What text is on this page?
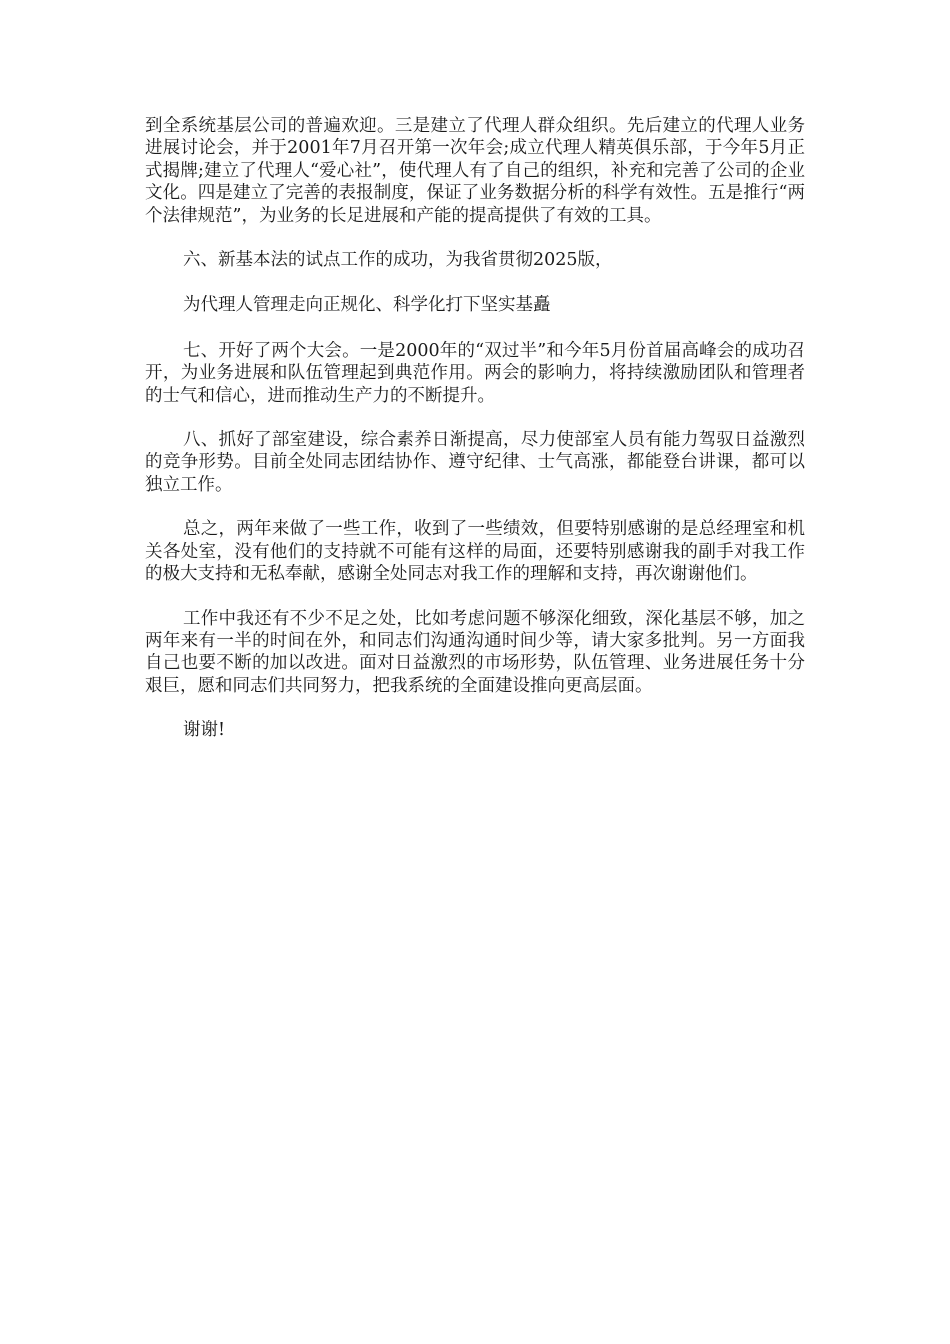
到全系统基层公司的普遍欢迎。三是建立了代理人群众组织。先后建立的代理人业务进展讨论会，并于2001年7月召开第一次年会;成立代理人精英俱乐部，于今年5月正式揭牌;建立了代理人“爱心社”，使代理人有了自己的组织，补充和完善了公司的企业文化。四是建立了完善的表报制度，保证了业务数据分析的科学有效性。五是推行“两个法律规范”，为业务的长足进展和产能的提高提供了有效的工具。

六、新基本法的试点工作的成功，为我省贯彻2025版，

为代理人管理走向正规化、科学化打下坚实基矗

七、开好了两个大会。一是2000年的“双过半”和今年5月份首届高峰会的成功召开，为业务进展和队伍管理起到典范作用。两会的影响力，将持续激励团队和管理者的士气和信心，进而推动生产力的不断提升。

八、抓好了部室建设，综合素养日渐提高，尽力使部室人员有能力驾驭日益激烈的竞争形势。目前全处同志团结协作、遵守纪律、士气高涨，都能登台讲课，都可以独立工作。

总之，两年来做了一些工作，收到了一些绩效，但要特别感谢的是总经理室和机关各处室，没有他们的支持就不可能有这样的局面，还要特别感谢我的副手对我工作的极大支持和无私奉献，感谢全处同志对我工作的理解和支持，再次谢谢他们。

工作中我还有不少不足之处，比如考虑问题不够深化细致，深化基层不够，加之两年来有一半的时间在外，和同志们沟通沟通时间少等，请大家多批判。另一方面我自己也要不断的加以改进。面对日益激烈的市场形势，队伍管理、业务进展任务十分艰巨，愿和同志们共同努力，把我系统的全面建设推向更高层面。

谢谢!
